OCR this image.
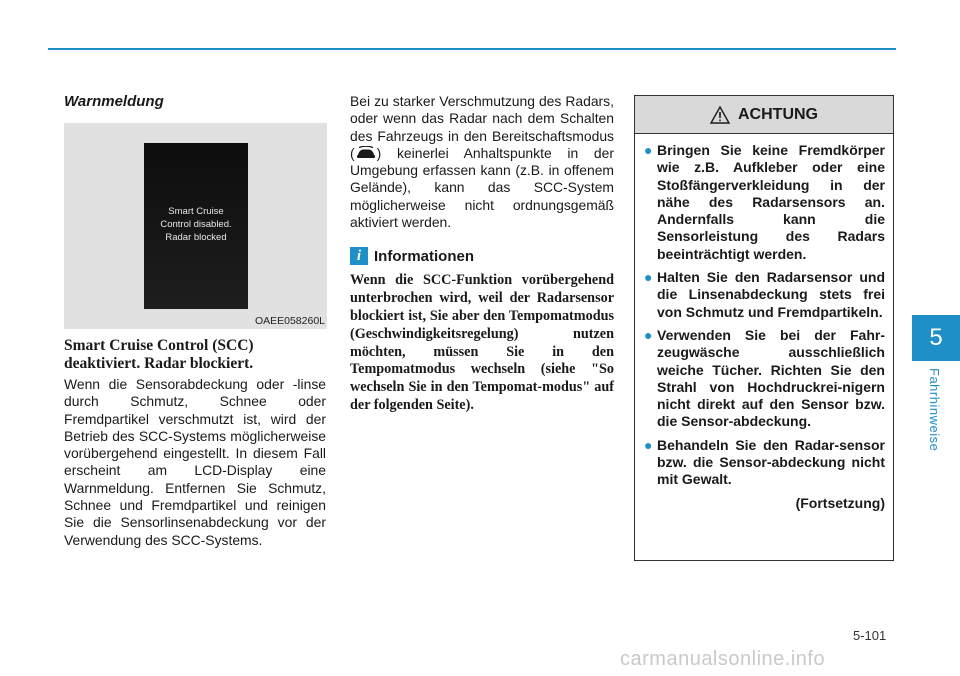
5
Fahrhinweise
Warnmeldung
Smart Cruise
Control disabled.
Radar blocked
OAEE058260L
Smart Cruise Control (SCC) deaktiviert. Radar blockiert.
Wenn die Sensorabdeckung oder -linse durch Schmutz, Schnee oder Fremdpartikel verschmutzt ist, wird der Betrieb des SCC-Systems möglicherweise vorübergehend eingestellt. In diesem Fall erscheint am LCD-Display eine Warnmeldung. Entfernen Sie Schmutz, Schnee und Fremdpartikel und reinigen Sie die Sensorlinsenabdeckung vor der Verwendung des SCC-Systems.

Bei zu starker Verschmutzung des Radars, oder wenn das Radar nach dem Schalten des Fahrzeugs in den Bereitschaftsmodus ( ) keinerlei Anhaltspunkte in der Umgebung erfassen kann (z.B. in offenem Gelände), kann das SCC-System möglicherweise nicht ordnungsgemäß aktiviert werden.

i Informationen
Wenn die SCC-Funktion vorübergehend unterbrochen wird, weil der Radarsensor blockiert ist, Sie aber den Tempomatmodus (Geschwindigkeitsregelung) nutzen möchten, müssen Sie in den Tempomatmodus wechseln (siehe "So wechseln Sie in den Tempomat-modus" auf der folgenden Seite).
ACHTUNG
● Bringen Sie keine Fremdkörper wie z.B. Aufkleber oder eine Stoßfängerverkleidung in der nähe des Radarsensors an. Andernfalls kann die Sensorleistung des Radars beeinträchtigt werden.
● Halten Sie den Radarsensor und die Linsenabdeckung stets frei von Schmutz und Fremdpartikeln.
● Verwenden Sie bei der Fahr-zeugwäsche ausschließlich weiche Tücher. Richten Sie den Strahl von Hochdruckrei-nigern nicht direkt auf den Sensor bzw. die Sensor-abdeckung.
● Behandeln Sie den Radar-sensor bzw. die Sensor-abdeckung nicht mit Gewalt.
(Fortsetzung)
5-101
carmanualsonline.info
